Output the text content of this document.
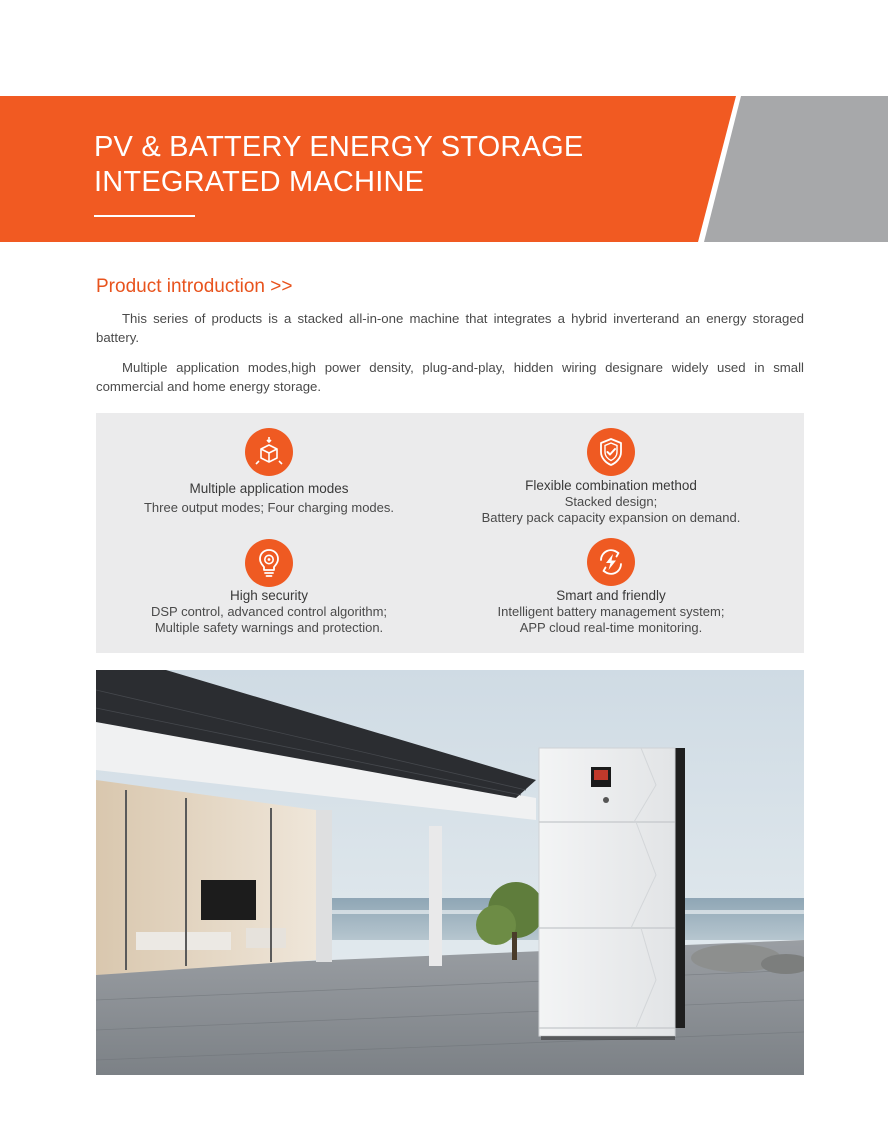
PV & BATTERY ENERGY STORAGE
INTEGRATED MACHINE
Product introduction >>

This series of products is a stacked all-in-one machine that integrates a hybrid inverterand an energy storaged battery.

Multiple application modes,high power density, plug-and-play, hidden wiring designare widely used in small commercial and home energy storage.

Multiple application modes

Three output modes; Four charging modes.

Flexible combination method

Stacked design;

Battery pack capacity expansion on demand.

High security

DSP control, advanced control algorithm;

Multiple safety warnings and protection.

Smart and friendly

Intelligent battery management system;

APP cloud real-time monitoring.
